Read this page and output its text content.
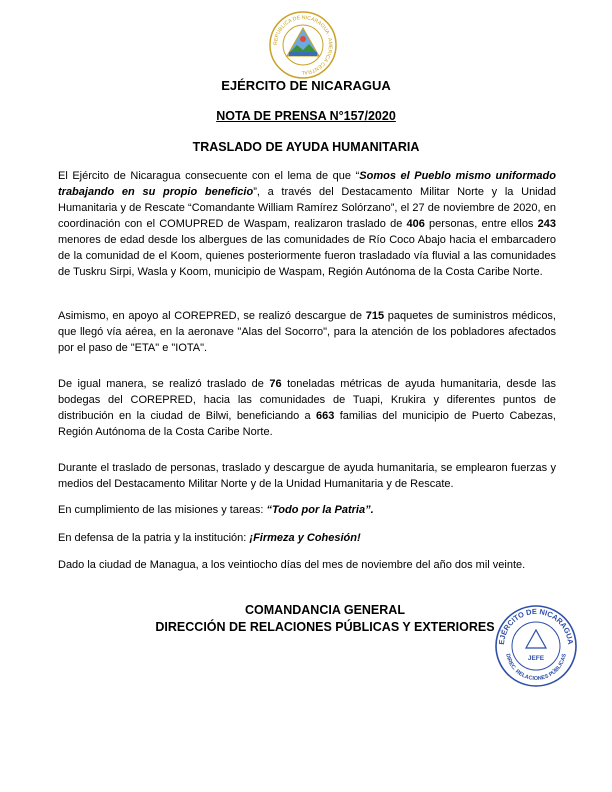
REPUBLICA DE NICARAGUA · AMERICA CENTRAL
EJÉRCITO DE NICARAGUA
NOTA DE PRENSA N°157/2020
TRASLADO DE AYUDA HUMANITARIA

El Ejército de Nicaragua consecuente con el lema de que “Somos el Pueblo mismo uniformado trabajando en su propio beneficio”, a través del Destacamento Militar Norte y la Unidad Humanitaria y de Rescate “Comandante William Ramírez Solórzano”, el 27 de noviembre de 2020, en coordinación con el COMUPRED de Waspam, realizaron traslado de 406 personas, entre ellos 243 menores de edad desde los albergues de las comunidades de Río Coco Abajo hacia el embarcadero de la comunidad de el Koom, quienes posteriormente fueron trasladado vía fluvial a las comunidades de Tuskru Sirpi, Wasla y Koom, municipio de Waspam, Región Autónoma de la Costa Caribe Norte.

Asimismo, en apoyo al COREPRED, se realizó descargue de 715 paquetes de suministros médicos, que llegó vía aérea, en la aeronave "Alas del Socorro", para la atención de los pobladores afectados por el paso de "ETA" e "IOTA".

De igual manera, se realizó traslado de 76 toneladas métricas de ayuda humanitaria, desde las bodegas del COREPRED, hacia las comunidades de Tuapi, Krukira y diferentes puntos de distribución en la ciudad de Bilwi, beneficiando a 663 familias del municipio de Puerto Cabezas, Región Autónoma de la Costa Caribe Norte.

Durante el traslado de personas, traslado y descargue de ayuda humanitaria, se emplearon fuerzas y medios del Destacamento Militar Norte y de la Unidad Humanitaria y de Rescate.

En cumplimiento de las misiones y tareas: “Todo por la Patria”.

En defensa de la patria y la institución: ¡Firmeza y Cohesión!

Dado la ciudad de Managua, a los veintiocho días del mes de noviembre del año dos mil veinte.

COMANDANCIA GENERAL
DIRECCIÓN DE RELACIONES PÚBLICAS Y EXTERIORES
EJÉRCITO DE NICARAGUA
DIREC. RELACIONES PÚBLICAS
JEFE
